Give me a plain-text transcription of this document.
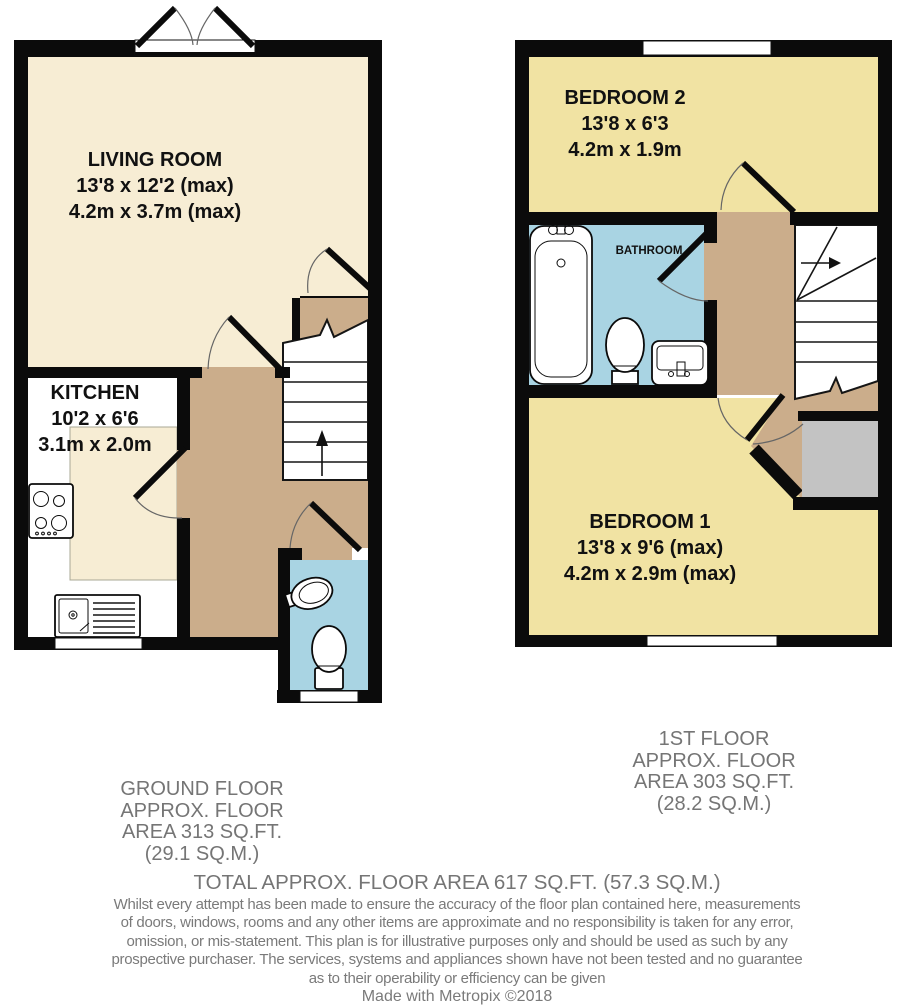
LIVING ROOM
13'8 x 12'2 (max)
4.2m x 3.7m (max)
KITCHEN
10'2 x 6'6
3.1m x 2.0m
BEDROOM 2
13'8 x 6'3
4.2m x 1.9m
BATHROOM
BEDROOM 1
13'8 x 9'6 (max)
4.2m x 2.9m (max)
GROUND FLOOR
APPROX. FLOOR
AREA 313 SQ.FT.
(29.1 SQ.M.)
1ST FLOOR
APPROX. FLOOR
AREA 303 SQ.FT.
(28.2 SQ.M.)
TOTAL APPROX. FLOOR AREA 617 SQ.FT. (57.3 SQ.M.)
Whilst every attempt has been made to ensure the accuracy of the floor plan contained here, measurements
of doors, windows, rooms and any other items are approximate and no responsibility is taken for any error,
omission, or mis-statement. This plan is for illustrative purposes only and should be used as such by any
prospective purchaser. The services, systems and appliances shown have not been tested and no guarantee
as to their operability or efficiency can be given
Made with Metropix ©2018
